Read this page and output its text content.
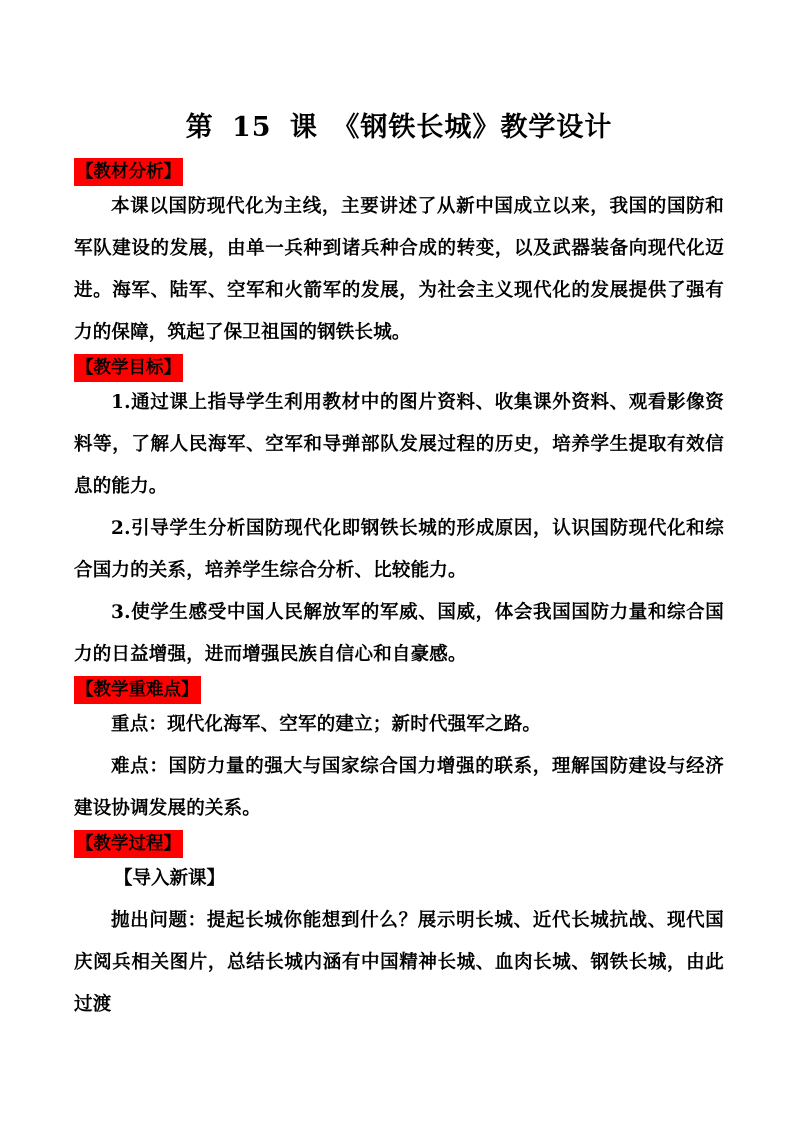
第 15 课　《钢铁长城》教学设计
【教材分析】

本课以国防现代化为主线，主要讲述了从新中国成立以来，我国的国防和军队建设的发展，由单一兵种到诸兵种合成的转变，以及武器装备向现代化迈进。海军、陆军、空军和火箭军的发展，为社会主义现代化的发展提供了强有力的保障，筑起了保卫祖国的钢铁长城。

【教学目标】

1.通过课上指导学生利用教材中的图片资料、收集课外资料、观看影像资料等，了解人民海军、空军和导弹部队发展过程的历史，培养学生提取有效信息的能力。

2.引导学生分析国防现代化即钢铁长城的形成原因，认识国防现代化和综合国力的关系，培养学生综合分析、比较能力。

3.使学生感受中国人民解放军的军威、国威，体会我国国防力量和综合国力的日益增强，进而增强民族自信心和自豪感。

【教学重难点】

重点：现代化海军、空军的建立；新时代强军之路。

难点：国防力量的强大与国家综合国力增强的联系，理解国防建设与经济建设协调发展的关系。

【教学过程】

【导入新课】

抛出问题：提起长城你能想到什么？展示明长城、近代长城抗战、现代国庆阅兵相关图片，总结长城内涵有中国精神长城、血肉长城、钢铁长城，由此过渡
